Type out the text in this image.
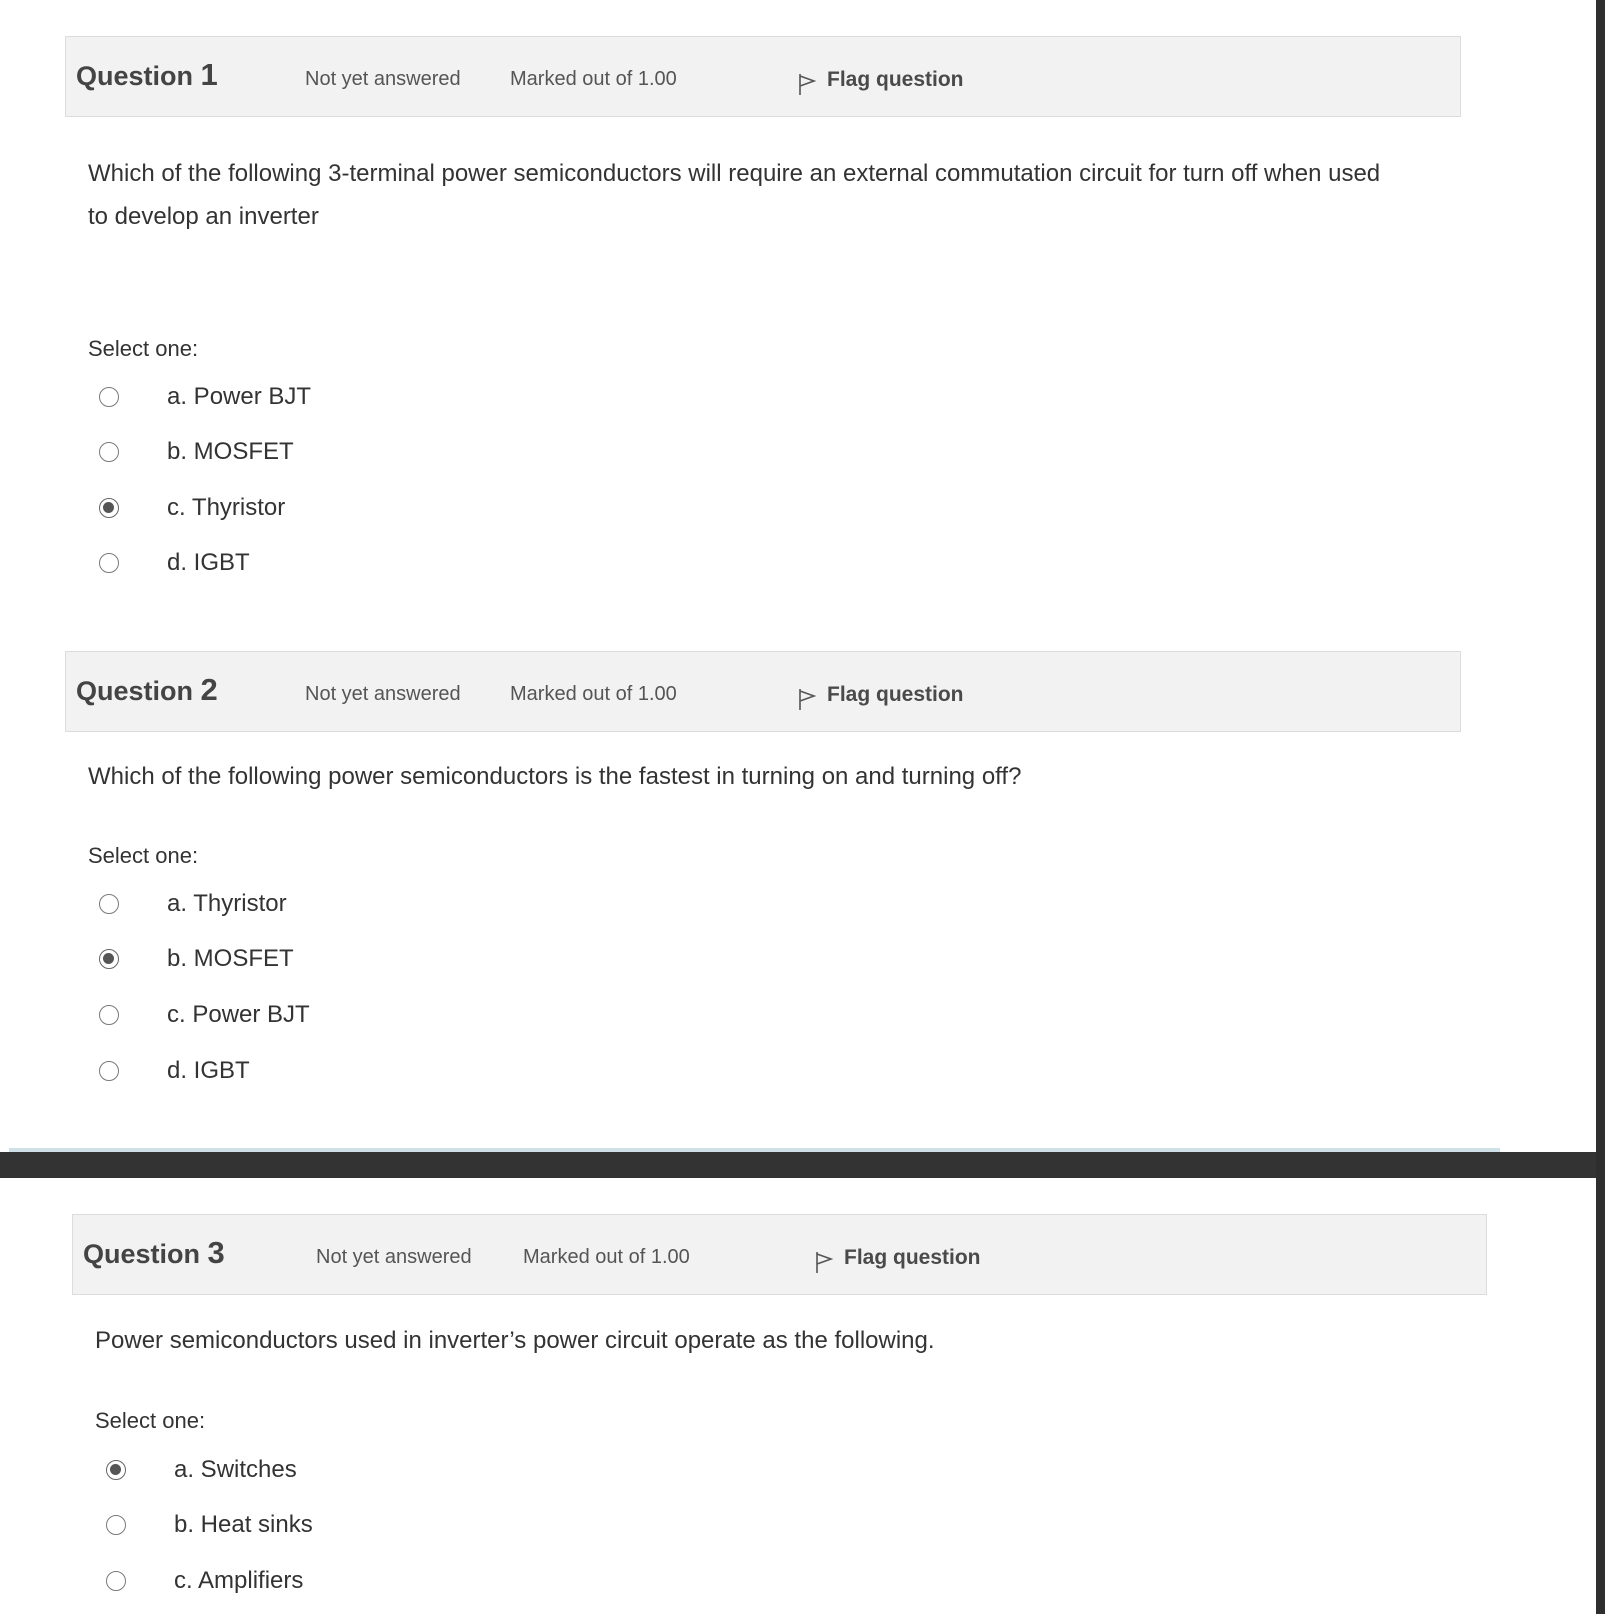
Question 1	Not yet answered Marked out of 1.00	Flag question
Which of the following 3-terminal power semiconductors will require an external commutation circuit for turn off when used to develop an inverter
Select one:
a. Power BJT
b. MOSFET
c. Thyristor
d. IGBT
Question 2	Not yet answered Marked out of 1.00	Flag question
Which of the following power semiconductors is the fastest in turning on and turning off?
Select one:
a. Thyristor
b. MOSFET
c. Power BJT
d. IGBT
Question 3	Not yet answered	Marked out of 1.00	Flag question
Power semiconductors used in inverter’s power circuit operate as the following.
Select one:
a. Switches
b. Heat sinks
c. Amplifiers
